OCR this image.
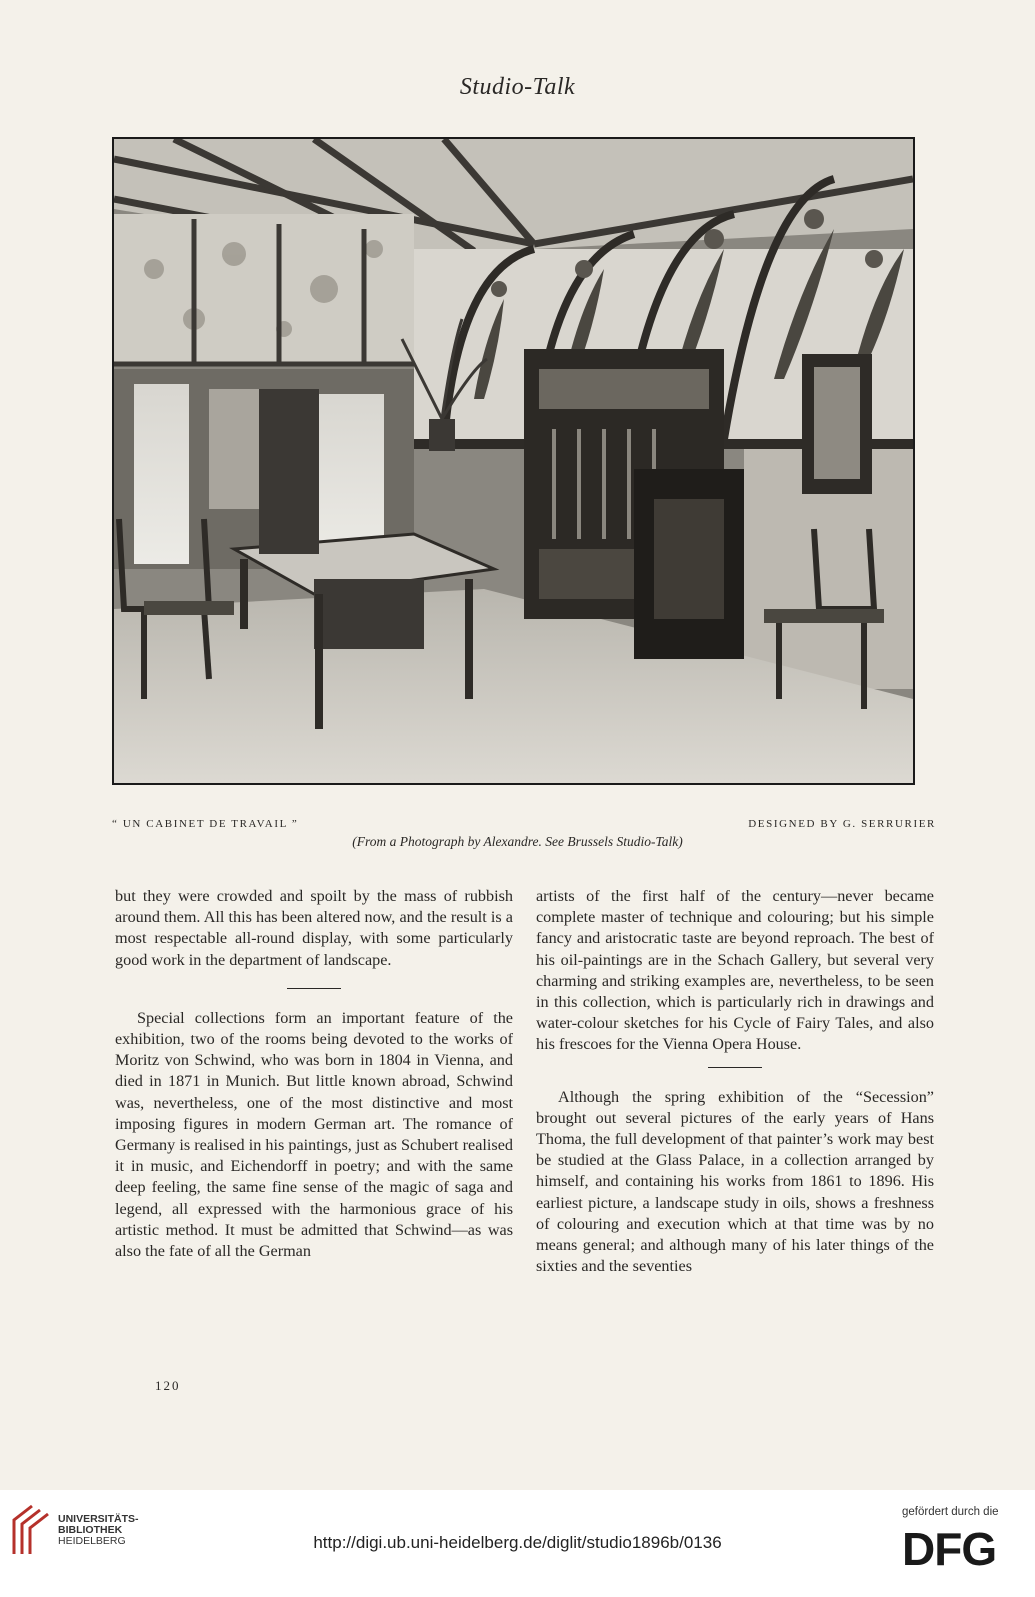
Studio-Talk
“ UN CABINET DE TRAVAIL ”	DESIGNED BY G. SERRURIER
(From a Photograph by Alexandre. See Brussels Studio-Talk)

but they were crowded and spoilt by the mass of rubbish around them. All this has been altered now, and the result is a most respectable all-round display, with some particularly good work in the department of landscape.

Special collections form an important feature of the exhibition, two of the rooms being devoted to the works of Moritz von Schwind, who was born in 1804 in Vienna, and died in 1871 in Munich. But little known abroad, Schwind was, nevertheless, one of the most distinctive and most imposing figures in modern German art. The romance of Germany is realised in his paintings, just as Schubert realised it in music, and Eichendorff in poetry; and with the same deep feeling, the same fine sense of the magic of saga and legend, all expressed with the harmonious grace of his artistic method. It must be admitted that Schwind—as was also the fate of all the German

artists of the first half of the century—never became complete master of technique and colouring; but his simple fancy and aristocratic taste are beyond reproach. The best of his oil-paintings are in the Schach Gallery, but several very charming and striking examples are, nevertheless, to be seen in this collection, which is particularly rich in drawings and water-colour sketches for his Cycle of Fairy Tales, and also his frescoes for the Vienna Opera House.

Although the spring exhibition of the “Secession” brought out several pictures of the early years of Hans Thoma, the full development of that painter’s work may best be studied at the Glass Palace, in a collection arranged by himself, and containing his works from 1861 to 1896. His earliest picture, a landscape study in oils, shows a freshness of colouring and execution which at that time was by no means general; and although many of his later things of the sixties and the seventies

120
UNIVERSITÄTS-
BIBLIOTHEK
HEIDELBERG	http://digi.ub.uni-heidelberg.de/diglit/studio1896b/0136
gefördert durch die
DFG
